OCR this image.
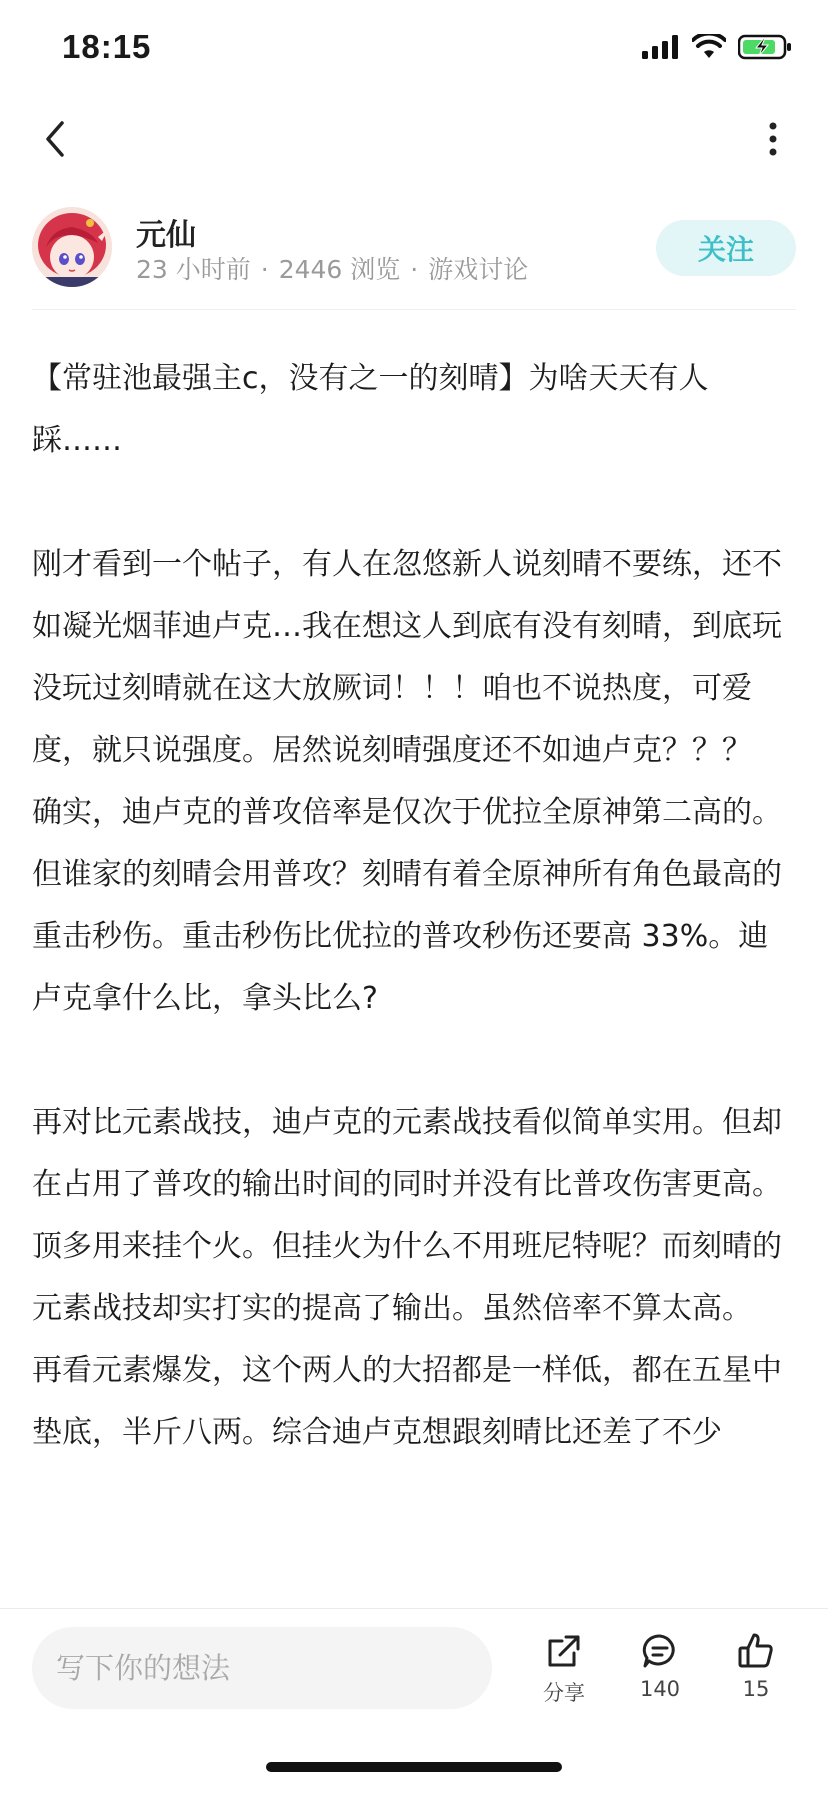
18:15
元仙
23 小时前 · 2446 浏览 · 游戏讨论
关注

【常驻池最强主c，没有之一的刻晴】为啥天天有人踩……

刚才看到一个帖子，有人在忽悠新人说刻晴不要练，还不如凝光烟菲迪卢克…我在想这人到底有没有刻晴，到底玩没玩过刻晴就在这大放厥词！！！咱也不说热度，可爱度，就只说强度。居然说刻晴强度还不如迪卢克？？？

确实，迪卢克的普攻倍率是仅次于优拉全原神第二高的。但谁家的刻晴会用普攻？刻晴有着全原神所有角色最高的重击秒伤。重击秒伤比优拉的普攻秒伤还要高 33%。迪卢克拿什么比，拿头比么?

再对比元素战技，迪卢克的元素战技看似简单实用。但却在占用了普攻的输出时间的同时并没有比普攻伤害更高。顶多用来挂个火。但挂火为什么不用班尼特呢？而刻晴的元素战技却实打实的提高了输出。虽然倍率不算太高。

再看元素爆发，这个两人的大招都是一样低，都在五星中垫底，半斤八两。综合迪卢克想跟刻晴比还差了不少

写下你的想法
分享	140	15
